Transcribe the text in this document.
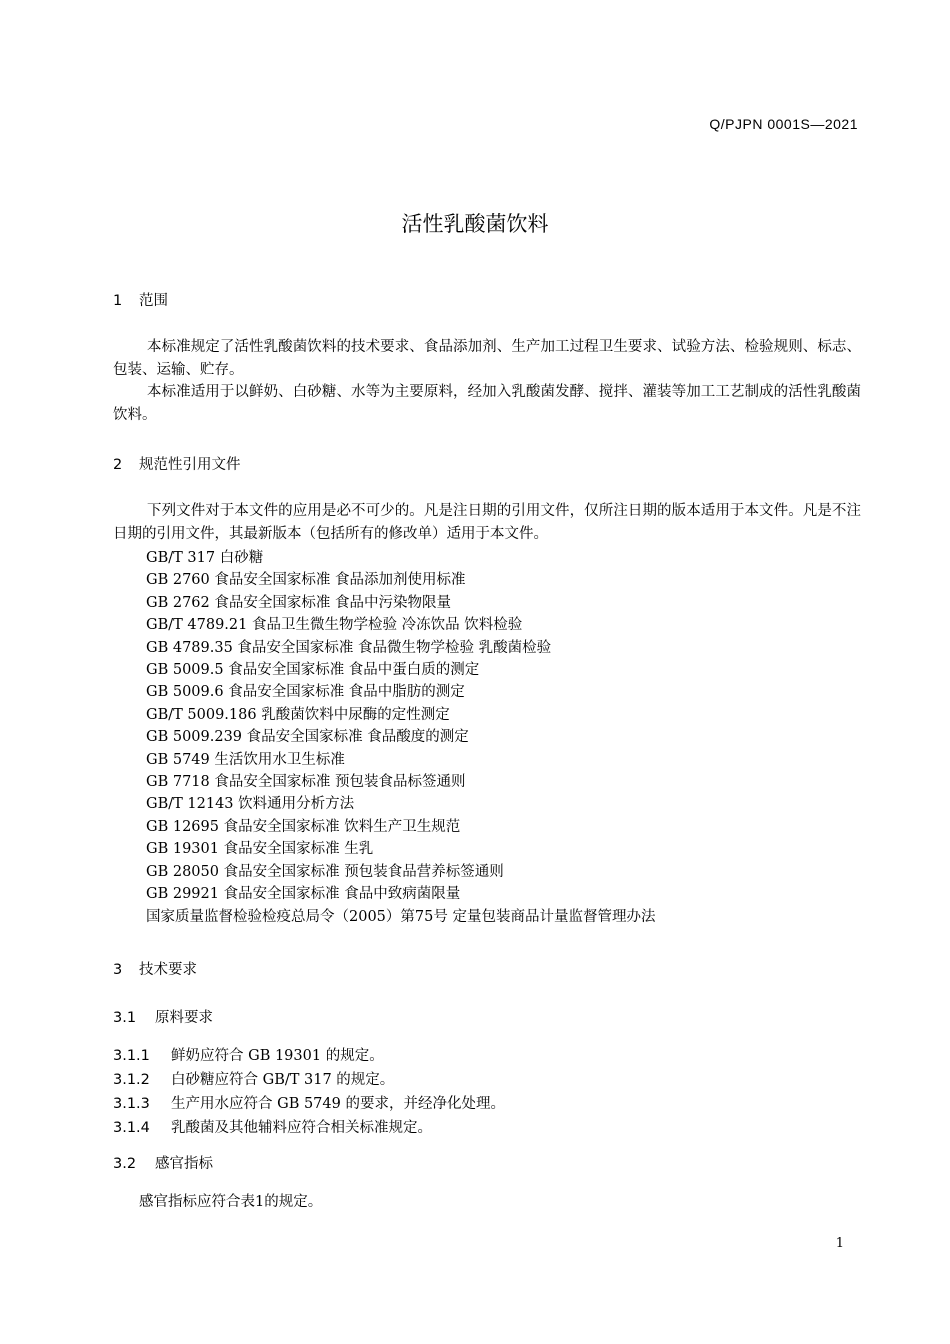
Q/PJPN 0001S—2021
活性乳酸菌饮料
1 范围
本标准规定了活性乳酸菌饮料的技术要求、食品添加剂、生产加工过程卫生要求、试验方法、检验规则、标志、包装、运输、贮存。
本标准适用于以鲜奶、白砂糖、水等为主要原料，经加入乳酸菌发酵、搅拌、灌装等加工工艺制成的活性乳酸菌饮料。
2 规范性引用文件
下列文件对于本文件的应用是必不可少的。凡是注日期的引用文件，仅所注日期的版本适用于本文件。凡是不注日期的引用文件，其最新版本（包括所有的修改单）适用于本文件。
GB/T 317 白砂糖
GB 2760 食品安全国家标准 食品添加剂使用标准
GB 2762 食品安全国家标准 食品中污染物限量
GB/T 4789.21 食品卫生微生物学检验 冷冻饮品 饮料检验
GB 4789.35 食品安全国家标准 食品微生物学检验 乳酸菌检验
GB 5009.5 食品安全国家标准 食品中蛋白质的测定
GB 5009.6 食品安全国家标准 食品中脂肪的测定
GB/T 5009.186 乳酸菌饮料中尿酶的定性测定
GB 5009.239 食品安全国家标准 食品酸度的测定
GB 5749 生活饮用水卫生标准
GB 7718 食品安全国家标准 预包装食品标签通则
GB/T 12143 饮料通用分析方法
GB 12695 食品安全国家标准 饮料生产卫生规范
GB 19301 食品安全国家标准 生乳
GB 28050 食品安全国家标准 预包装食品营养标签通则
GB 29921 食品安全国家标准 食品中致病菌限量
国家质量监督检验检疫总局令（2005）第75号 定量包装商品计量监督管理办法
3 技术要求
3.1 原料要求
3.1.1 鲜奶应符合 GB 19301 的规定。
3.1.2 白砂糖应符合 GB/T 317 的规定。
3.1.3 生产用水应符合 GB 5749 的要求，并经净化处理。
3.1.4 乳酸菌及其他辅料应符合相关标准规定。
3.2 感官指标
感官指标应符合表1的规定。
1
